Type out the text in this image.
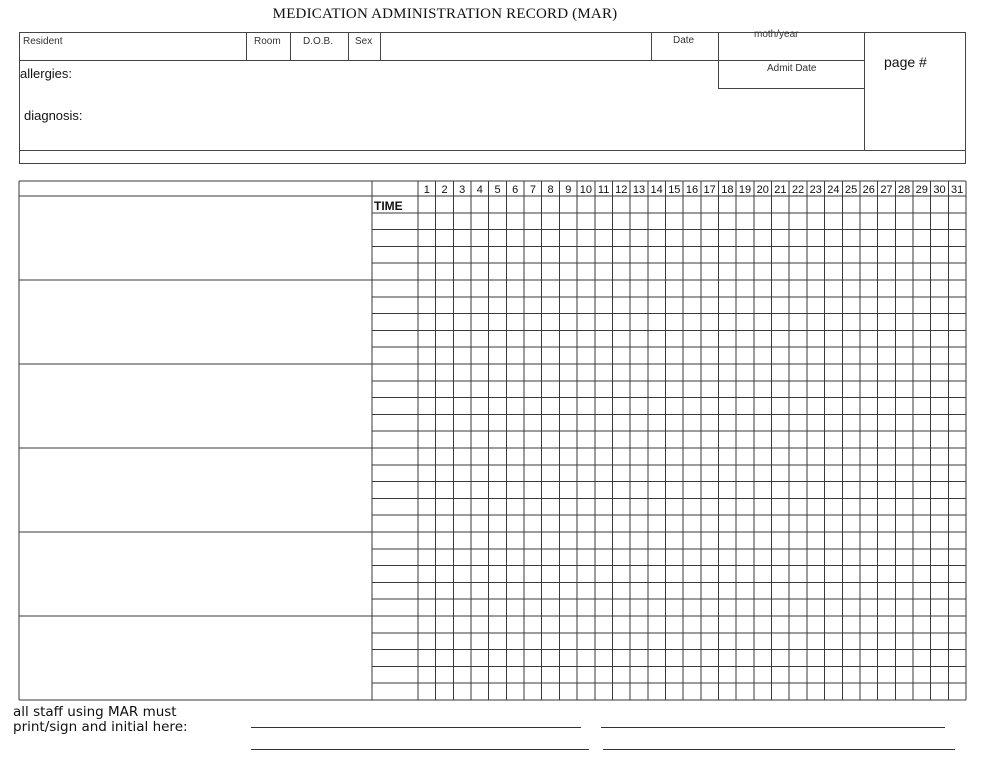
MEDICATION ADMINISTRATION RECORD (MAR)
Resident	Room D.O.B. Sex	Date
moth/year
Admit Date	page #
allergies:
diagnosis:
1 2 3 4 5 6 7 8 9 10 11 12 13 14 15 16 17 18 19 20 21 22 23 24 25 26 27 28 29 30 31
all staff using MAR must
print/sign and initial here:
